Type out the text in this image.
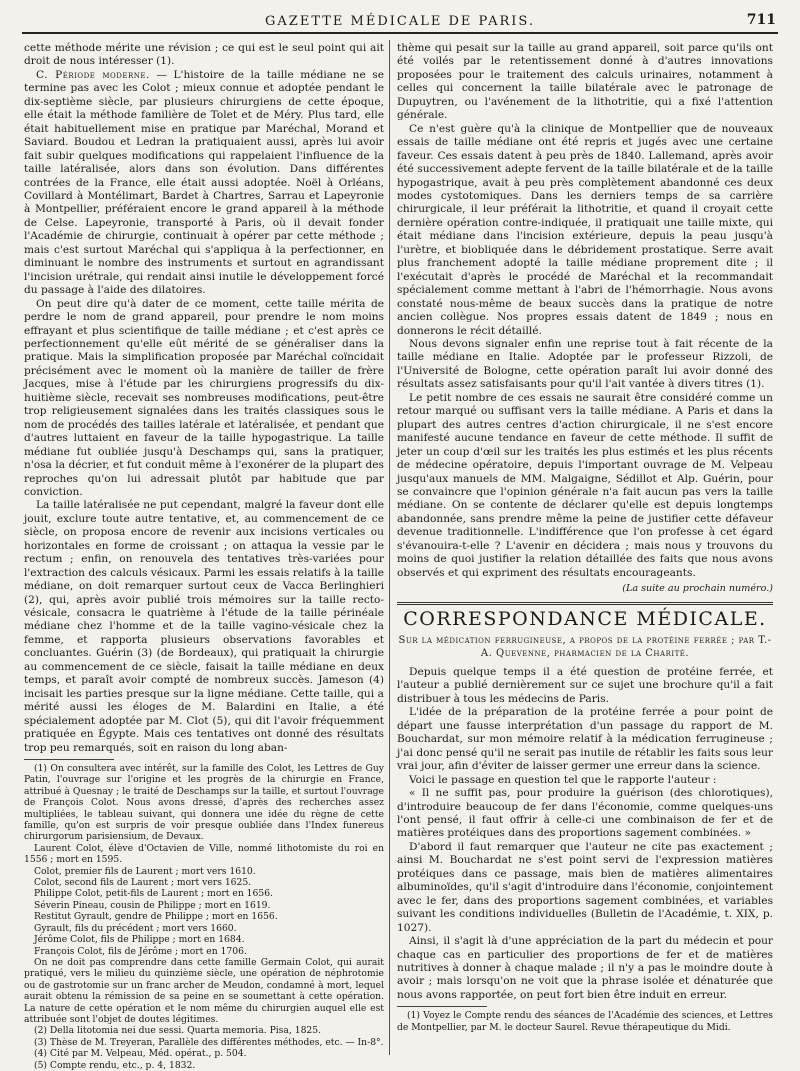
GAZETTE MÉDICALE DE PARIS.	711

cette méthode mérite une révision ; ce qui est le seul point qui ait droit de nous intéresser (1).

C. Période moderne. — L'histoire de la taille médiane ne se termine pas avec les Colot ; mieux connue et adoptée pendant le dix-septième siècle, par plusieurs chirurgiens de cette époque, elle était la méthode familière de Tolet et de Méry. Plus tard, elle était habituellement mise en pratique par Maréchal, Morand et Saviard. Boudou et Ledran la pratiquaient aussi, après lui avoir fait subir quelques modifications qui rappelaient l'influence de la taille latéralisée, alors dans son évolution. Dans différentes contrées de la France, elle était aussi adoptée. Noël à Orléans, Covillard à Montélimart, Bardet à Chartres, Sarrau et Lapeyronie à Montpellier, préféraient encore le grand appareil à la méthode de Celse. Lapeyronie, transporté à Paris, où il devait fonder l'Académie de chirurgie, continuait à opérer par cette méthode ; mais c'est surtout Maréchal qui s'appliqua à la perfectionner, en diminuant le nombre des instruments et surtout en agrandissant l'incision urétrale, qui rendait ainsi inutile le développement forcé du passage à l'aide des dilatoires.

On peut dire qu'à dater de ce moment, cette taille mérita de perdre le nom de grand appareil, pour prendre le nom moins effrayant et plus scientifique de taille médiane ; et c'est après ce perfectionnement qu'elle eût mérité de se généraliser dans la pratique. Mais la simplification proposée par Maréchal coïncidait précisément avec le moment où la manière de tailler de frère Jacques, mise à l'étude par les chirurgiens progressifs du dix-huitième siècle, recevait ses nombreuses modifications, peut-être trop religieusement signalées dans les traités classiques sous le nom de procédés des tailles latérale et latéralisée, et pendant que d'autres luttaient en faveur de la taille hypogastrique. La taille médiane fut oubliée jusqu'à Deschamps qui, sans la pratiquer, n'osa la décrier, et fut conduit même à l'exonérer de la plupart des reproches qu'on lui adressait plutôt par habitude que par conviction.

La taille latéralisée ne put cependant, malgré la faveur dont elle jouit, exclure toute autre tentative, et, au commencement de ce siècle, on proposa encore de revenir aux incisions verticales ou horizontales en forme de croissant ; on attaqua la vessie par le rectum ; enfin, on renouvela des tentatives très-variées pour l'extraction des calculs vésicaux. Parmi les essais relatifs à la taille médiane, on doit remarquer surtout ceux de Vacca Berlinghieri (2), qui, après avoir publié trois mémoires sur la taille recto-vésicale, consacra le quatrième à l'étude de la taille périnéale médiane chez l'homme et de la taille vagino-vésicale chez la femme, et rapporta plusieurs observations favorables et concluantes. Guérin (3) (de Bordeaux), qui pratiquait la chirurgie au commencement de ce siècle, faisait la taille médiane en deux temps, et paraît avoir compté de nombreux succès. Jameson (4) incisait les parties presque sur la ligne médiane. Cette taille, qui a mérité aussi les éloges de M. Balardini en Italie, a été spécialement adoptée par M. Clot (5), qui dit l'avoir fréquemment pratiquée en Égypte. Mais ces tentatives ont donné des résultats trop peu remarqués, soit en raison du long aban-

(1) On consultera avec intérêt, sur la famille des Colot, les Lettres de Guy Patin, l'ouvrage sur l'origine et les progrès de la chirurgie en France, attribué à Quesnay ; le traité de Deschamps sur la taille, et surtout l'ouvrage de François Colot. Nous avons dressé, d'après des recherches assez multipliées, le tableau suivant, qui donnera une idée du règne de cette famille, qu'on est surpris de voir presque oubliée dans l'Index funereus chirurgorum parisiensium, de Devaux.

Laurent Colot, élève d'Octavien de Ville, nommé lithotomiste du roi en 1556 ; mort en 1595.

Colot, premier fils de Laurent ; mort vers 1610.

Colot, second fils de Laurent ; mort vers 1625.

Philippe Colot, petit-fils de Laurent ; mort en 1656.

Séverin Pineau, cousin de Philippe ; mort en 1619.

Restitut Gyrault, gendre de Philippe ; mort en 1656.

Gyrault, fils du précédent ; mort vers 1660.

Jérôme Colot, fils de Philippe ; mort en 1684.

François Colot, fils de Jérôme ; mort en 1706.

On ne doit pas comprendre dans cette famille Germain Colot, qui aurait pratiqué, vers le milieu du quinzième siècle, une opération de néphrotomie ou de gastrotomie sur un franc archer de Meudon, condamné à mort, lequel aurait obtenu la rémission de sa peine en se soumettant à cette opération. La nature de cette opération et le nom même du chirurgien auquel elle est attribuée sont l'objet de doutes légitimes.

(2) Della litotomia nei due sessi. Quarta memoria. Pisa, 1825.

(3) Thèse de M. Treyeran, Parallèle des différentes méthodes, etc. — In-8°.

(4) Cité par M. Velpeau, Méd. opérat., p. 504.

(5) Compte rendu, etc., p. 4, 1832.

thème qui pesait sur la taille au grand appareil, soit parce qu'ils ont été voilés par le retentissement donné à d'autres innovations proposées pour le traitement des calculs urinaires, notamment à celles qui concernent la taille bilatérale avec le patronage de Dupuytren, ou l'avénement de la lithotritie, qui a fixé l'attention générale.

Ce n'est guère qu'à la clinique de Montpellier que de nouveaux essais de taille médiane ont été repris et jugés avec une certaine faveur. Ces essais datent à peu près de 1840. Lallemand, après avoir été successivement adepte fervent de la taille bilatérale et de la taille hypogastrique, avait à peu près complètement abandonné ces deux modes cystotomiques. Dans les derniers temps de sa carrière chirurgicale, il leur préférait la lithotritie, et quand il croyait cette dernière opération contre-indiquée, il pratiquait une taille mixte, qui était médiane dans l'incision extérieure, depuis la peau jusqu'à l'urètre, et biobliquée dans le débridement prostatique. Serre avait plus franchement adopté la taille médiane proprement dite ; il l'exécutait d'après le procédé de Maréchal et la recommandait spécialement comme mettant à l'abri de l'hémorrhagie. Nous avons constaté nous-même de beaux succès dans la pratique de notre ancien collègue. Nos propres essais datent de 1849 ; nous en donnerons le récit détaillé.

Nous devons signaler enfin une reprise tout à fait récente de la taille médiane en Italie. Adoptée par le professeur Rizzoli, de l'Université de Bologne, cette opération paraît lui avoir donné des résultats assez satisfaisants pour qu'il l'ait vantée à divers titres (1).

Le petit nombre de ces essais ne saurait être considéré comme un retour marqué ou suffisant vers la taille médiane. A Paris et dans la plupart des autres centres d'action chirurgicale, il ne s'est encore manifesté aucune tendance en faveur de cette méthode. Il suffit de jeter un coup d'œil sur les traités les plus estimés et les plus récents de médecine opératoire, depuis l'important ouvrage de M. Velpeau jusqu'aux manuels de MM. Malgaigne, Sédillot et Alp. Guérin, pour se convaincre que l'opinion générale n'a fait aucun pas vers la taille médiane. On se contente de déclarer qu'elle est depuis longtemps abandonnée, sans prendre même la peine de justifier cette défaveur devenue traditionnelle. L'indifférence que l'on professe à cet égard s'évanouira-t-elle ? L'avenir en décidera ; mais nous y trouvons du moins de quoi justifier la relation détaillée des faits que nous avons observés et qui expriment des résultats encourageants.

(La suite au prochain numéro.)
CORRESPONDANCE MÉDICALE.
Sur la médication ferrugineuse, a propos de la protéine ferrée ; par T.-A. Quevenne, pharmacien de la Charité.

Depuis quelque temps il a été question de protéine ferrée, et l'auteur a publié dernièrement sur ce sujet une brochure qu'il a fait distribuer à tous les médecins de Paris.

L'idée de la préparation de la protéine ferrée a pour point de départ une fausse interprétation d'un passage du rapport de M. Bouchardat, sur mon mémoire relatif à la médication ferrugineuse ; j'ai donc pensé qu'il ne serait pas inutile de rétablir les faits sous leur vrai jour, afin d'éviter de laisser germer une erreur dans la science.

Voici le passage en question tel que le rapporte l'auteur :

« Il ne suffit pas, pour produire la guérison (des chlorotiques), d'introduire beaucoup de fer dans l'économie, comme quelques-uns l'ont pensé, il faut offrir à celle-ci une combinaison de fer et de matières protéiques dans des proportions sagement combinées. »

D'abord il faut remarquer que l'auteur ne cite pas exactement ; ainsi M. Bouchardat ne s'est point servi de l'expression matières protéiques dans ce passage, mais bien de matières alimentaires albuminoïdes, qu'il s'agit d'introduire dans l'économie, conjointement avec le fer, dans des proportions sagement combinées, et variables suivant les conditions individuelles (Bulletin de l'Académie, t. XIX, p. 1027).

Ainsi, il s'agit là d'une appréciation de la part du médecin et pour chaque cas en particulier des proportions de fer et de matières nutritives à donner à chaque malade ; il n'y a pas le moindre doute à avoir ; mais lorsqu'on ne voit que la phrase isolée et dénaturée que nous avons rapportée, on peut fort bien être induit en erreur.

(1) Voyez le Compte rendu des séances de l'Académie des sciences, et Lettres de Montpellier, par M. le docteur Saurel. Revue thérapeutique du Midi.
